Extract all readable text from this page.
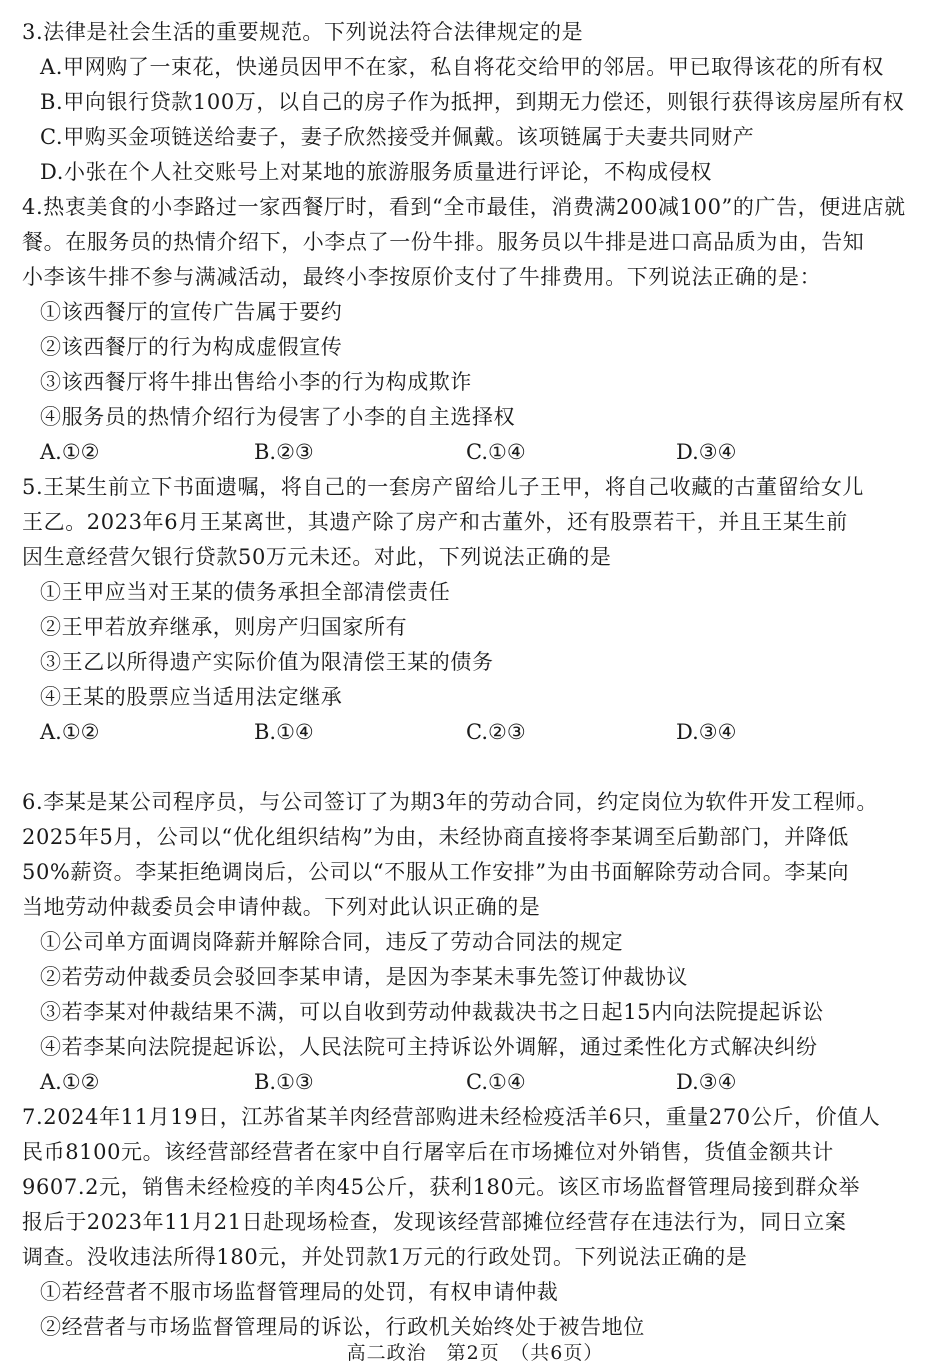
3.法律是社会生活的重要规范。下列说法符合法律规定的是
A.甲网购了一束花，快递员因甲不在家，私自将花交给甲的邻居。甲已取得该花的所有权
B.甲向银行贷款100万，以自己的房子作为抵押，到期无力偿还，则银行获得该房屋所有权
C.甲购买金项链送给妻子，妻子欣然接受并佩戴。该项链属于夫妻共同财产
D.小张在个人社交账号上对某地的旅游服务质量进行评论，不构成侵权
4.热衷美食的小李路过一家西餐厅时，看到“全市最佳，消费满200减100”的广告，便进店就
餐。在服务员的热情介绍下，小李点了一份牛排。服务员以牛排是进口高品质为由，告知
小李该牛排不参与满减活动，最终小李按原价支付了牛排费用。下列说法正确的是：
①该西餐厅的宣传广告属于要约
②该西餐厅的行为构成虚假宣传
③该西餐厅将牛排出售给小李的行为构成欺诈
④服务员的热情介绍行为侵害了小李的自主选择权
A.①②	B.②③	C.①④	D.③④
5.王某生前立下书面遗嘱，将自己的一套房产留给儿子王甲，将自己收藏的古董留给女儿
王乙。2023年6月王某离世，其遗产除了房产和古董外，还有股票若干，并且王某生前
因生意经营欠银行贷款50万元未还。对此，下列说法正确的是
①王甲应当对王某的债务承担全部清偿责任
②王甲若放弃继承，则房产归国家所有
③王乙以所得遗产实际价值为限清偿王某的债务
④王某的股票应当适用法定继承
A.①②	B.①④	C.②③	D.③④
6.李某是某公司程序员，与公司签订了为期3年的劳动合同，约定岗位为软件开发工程师。
2025年5月，公司以“优化组织结构”为由，未经协商直接将李某调至后勤部门，并降低
50%薪资。李某拒绝调岗后，公司以“不服从工作安排”为由书面解除劳动合同。李某向
当地劳动仲裁委员会申请仲裁。下列对此认识正确的是
①公司单方面调岗降薪并解除合同，违反了劳动合同法的规定
②若劳动仲裁委员会驳回李某申请，是因为李某未事先签订仲裁协议
③若李某对仲裁结果不满，可以自收到劳动仲裁裁决书之日起15内向法院提起诉讼
④若李某向法院提起诉讼，人民法院可主持诉讼外调解，通过柔性化方式解决纠纷
A.①②	B.①③	C.①④	D.③④
7.2024年11月19日，江苏省某羊肉经营部购进未经检疫活羊6只，重量270公斤，价值人
民币8100元。该经营部经营者在家中自行屠宰后在市场摊位对外销售，货值金额共计
9607.2元，销售未经检疫的羊肉45公斤，获利180元。该区市场监督管理局接到群众举
报后于2023年11月21日赴现场检查，发现该经营部摊位经营存在违法行为，同日立案
调查。没收违法所得180元，并处罚款1万元的行政处罚。下列说法正确的是
①若经营者不服市场监督管理局的处罚，有权申请仲裁
②经营者与市场监督管理局的诉讼，行政机关始终处于被告地位
高二政治　第2页　（共6页）
